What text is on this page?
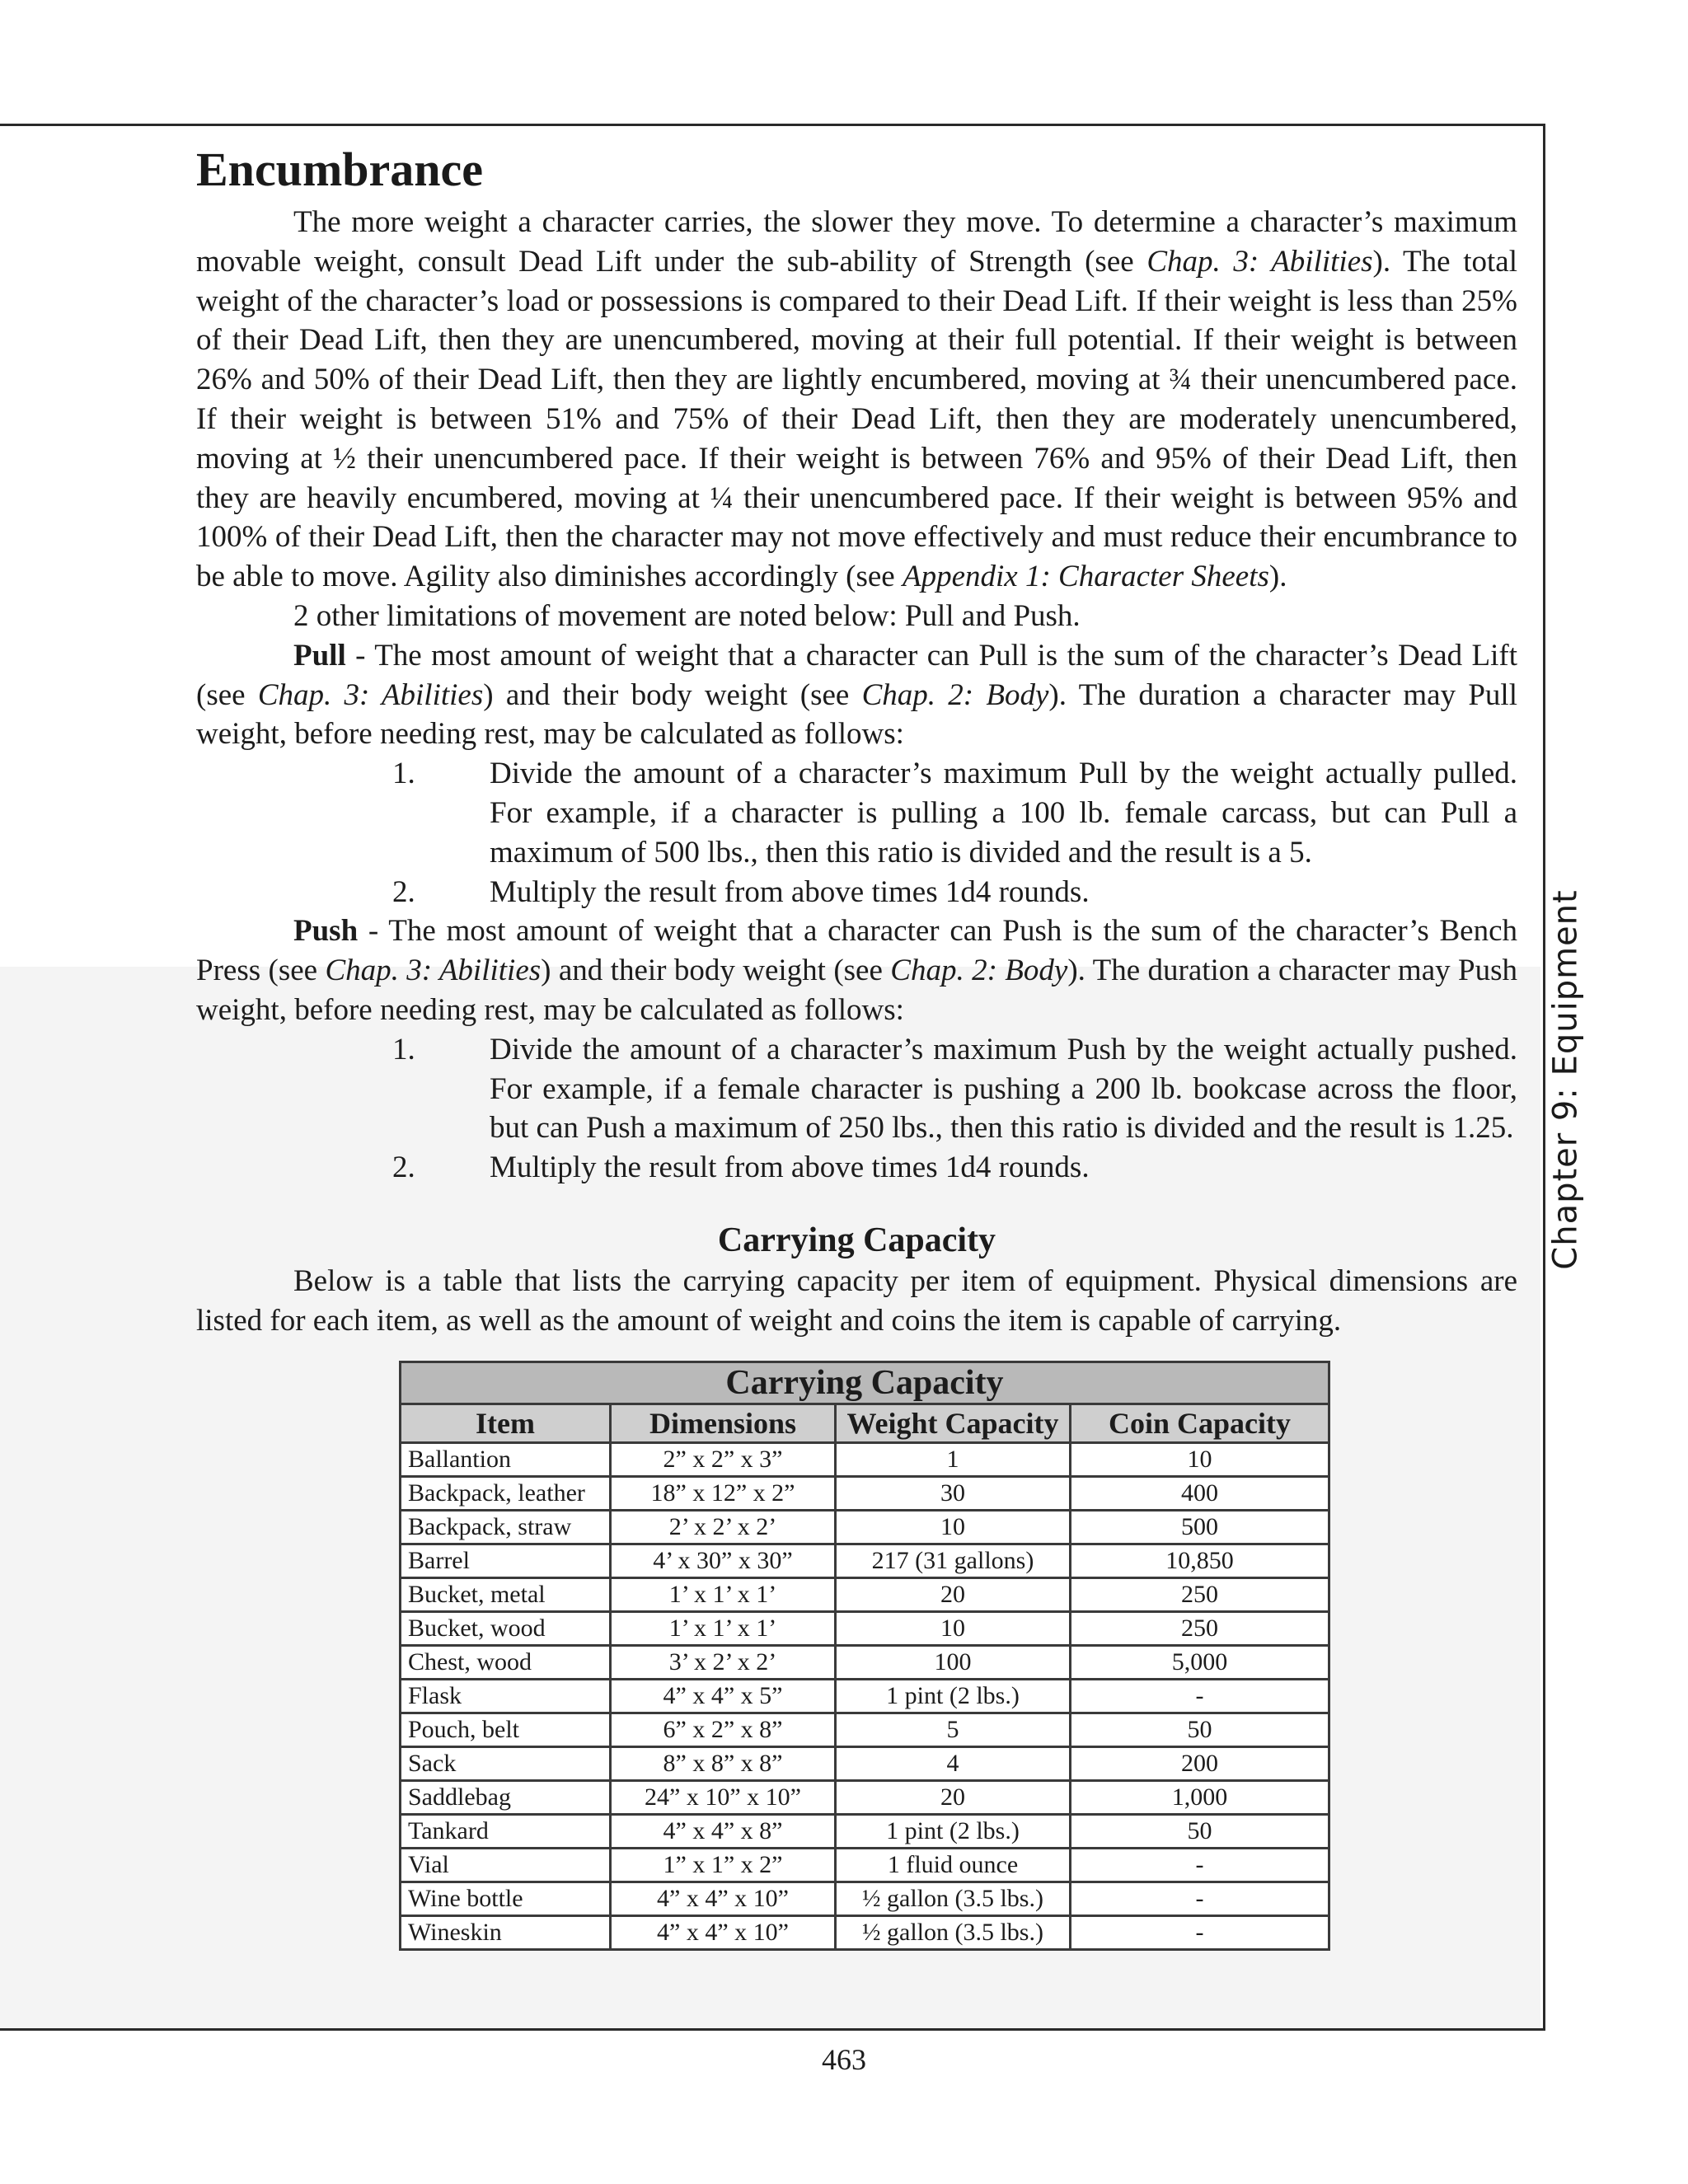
Encumbrance

The more weight a character carries, the slower they move. To determine a character’s maximum movable weight, consult Dead Lift under the sub-ability of Strength (see Chap. 3: Abilities). The total weight of the character’s load or possessions is compared to their Dead Lift. If their weight is less than 25% of their Dead Lift, then they are unencumbered, moving at their full potential. If their weight is between 26% and 50% of their Dead Lift, then they are lightly encumbered, moving at ¾ their unencumbered pace. If their weight is between 51% and 75% of their Dead Lift, then they are moderately unencumbered, moving at ½ their unencumbered pace. If their weight is between 76% and 95% of their Dead Lift, then they are heavily encumbered, moving at ¼ their unencumbered pace. If their weight is between 95% and 100% of their Dead Lift, then the character may not move effectively and must reduce their encumbrance to be able to move. Agility also diminishes accordingly (see Appendix 1: Character Sheets).

2 other limitations of movement are noted below: Pull and Push.

Pull - The most amount of weight that a character can Pull is the sum of the character’s Dead Lift (see Chap. 3: Abilities) and their body weight (see Chap. 2: Body). The duration a character may Pull weight, before needing rest, may be calculated as follows:

1.	Divide the amount of a character’s maximum Pull by the weight actually pulled. For example, if a character is pulling a 100 lb. female carcass, but can Pull a maximum of 500 lbs., then this ratio is divided and the result is a 5.
2.	Multiply the result from above times 1d4 rounds.

Push - The most amount of weight that a character can Push is the sum of the character’s Bench Press (see Chap. 3: Abilities) and their body weight (see Chap. 2: Body). The duration a character may Push weight, before needing rest, may be calculated as follows:

1.	Divide the amount of a character’s maximum Push by the weight actually pushed. For example, if a female character is pushing a 200 lb. bookcase across the floor, but can Push a maximum of 250 lbs., then this ratio is divided and the result is 1.25.
2.	Multiply the result from above times 1d4 rounds.
Carrying Capacity

Below is a table that lists the carrying capacity per item of equipment. Physical dimensions are listed for each item, as well as the amount of weight and coins the item is capable of carrying.

Carrying Capacity
Item	Dimensions	Weight Capacity	Coin Capacity
Ballantion	2” x 2” x 3”	1	10
Backpack, leather	18” x 12” x 2”	30	400
Backpack, straw	2’ x 2’ x 2’	10	500
Barrel	4’ x 30” x 30”	217 (31 gallons)	10,850
Bucket, metal	1’ x 1’ x 1’	20	250
Bucket, wood	1’ x 1’ x 1’	10	250
Chest, wood	3’ x 2’ x 2’	100	5,000
Flask	4” x 4” x 5”	1 pint (2 lbs.)	-
Pouch, belt	6” x 2” x 8”	5	50
Sack	8” x 8” x 8”	4	200
Saddlebag	24” x 10” x 10”	20	1,000
Tankard	4” x 4” x 8”	1 pint (2 lbs.)	50
Vial	1” x 1” x 2”	1 fluid ounce	-
Wine bottle	4” x 4” x 10”	½ gallon (3.5 lbs.)	-
Wineskin	4” x 4” x 10”	½ gallon (3.5 lbs.)	-
Chapter 9: Equipment
463
